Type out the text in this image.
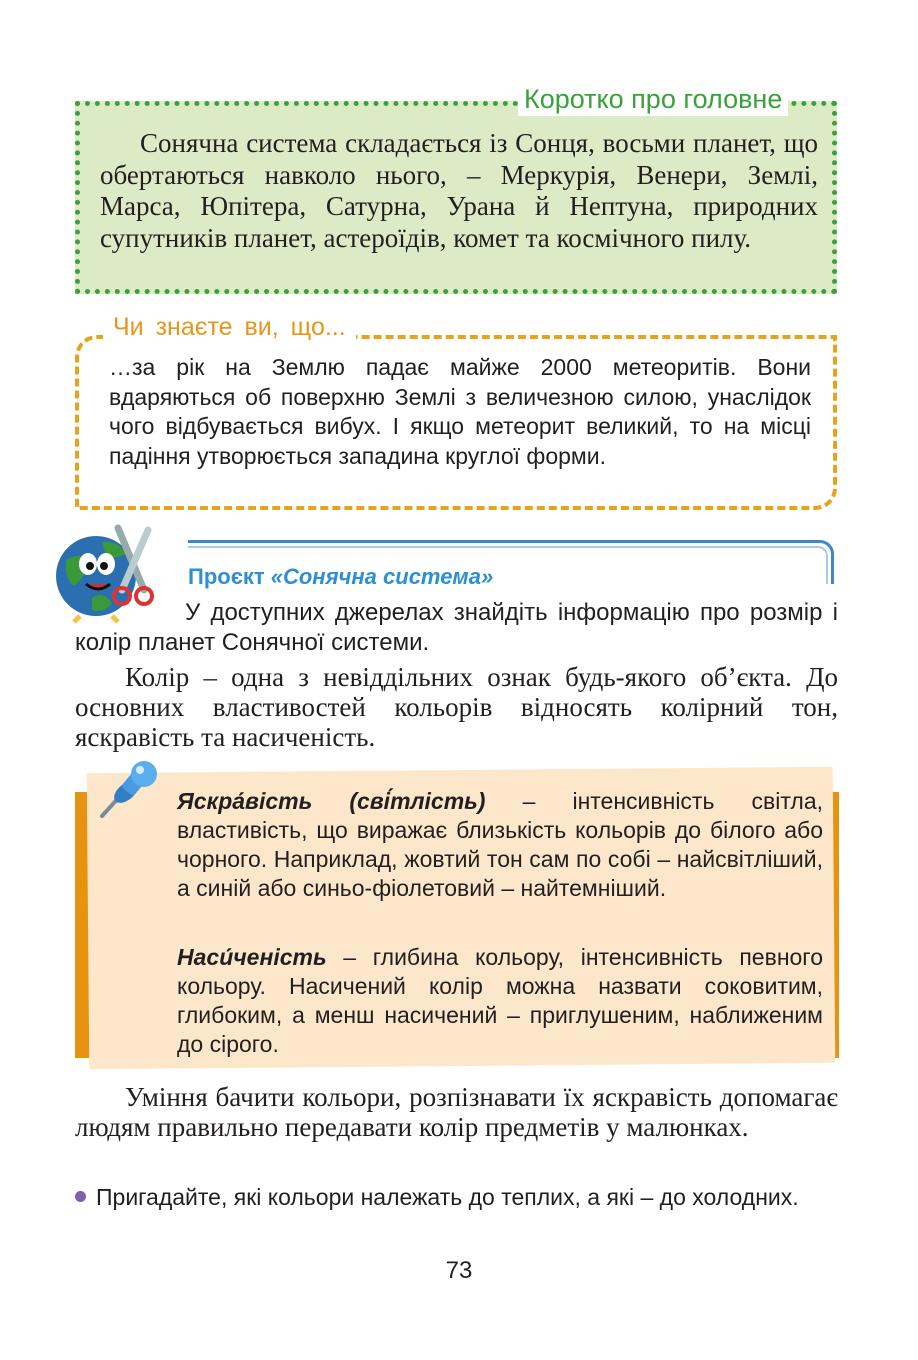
Сонячна система складається із Сонця, восьми планет, що обертаються навколо нього, – Меркурія, Венери, Землі, Марса, Юпітера, Сатурна, Урана й Нептуна, природних супутників планет, астероїдів, комет та космічного пилу.

Коротко про головне

…за рік на Землю падає майже 2000 метеоритів. Вони вдаряються об поверхню Землі з величезною силою, унаслідок чого відбувається вибух. І якщо метеорит великий, то на місці падіння утворюється западина круглої форми.

Чи знаєте ви, що...
Проєкт «Сонячна система»

У доступних джерелах знайдіть інформацію про розмір і колір планет Сонячної системи.

Колір – одна з невіддільних ознак будь-якого об’єкта. До основних властивостей кольорів відносять колірний тон, яскравість та насиченість.

Яскра́вість (сві́тлість) – інтенсивність світла, властивість, що виражає близькість кольорів до білого або чорного. Наприклад, жовтий тон сам по собі – найсвітліший, а синій або синьо-фіолетовий – найтемніший.

Наси́ченість – глибина кольору, інтенсивність певного кольору. Насичений колір можна назвати соковитим, глибоким, а менш насичений – приглушеним, наближеним до сірого.

Уміння бачити кольори, розпізнавати їх яскравість допомагає людям правильно передавати колір предметів у малюнках.

Пригадайте, які кольори належать до теплих, а які – до холодних.

73
